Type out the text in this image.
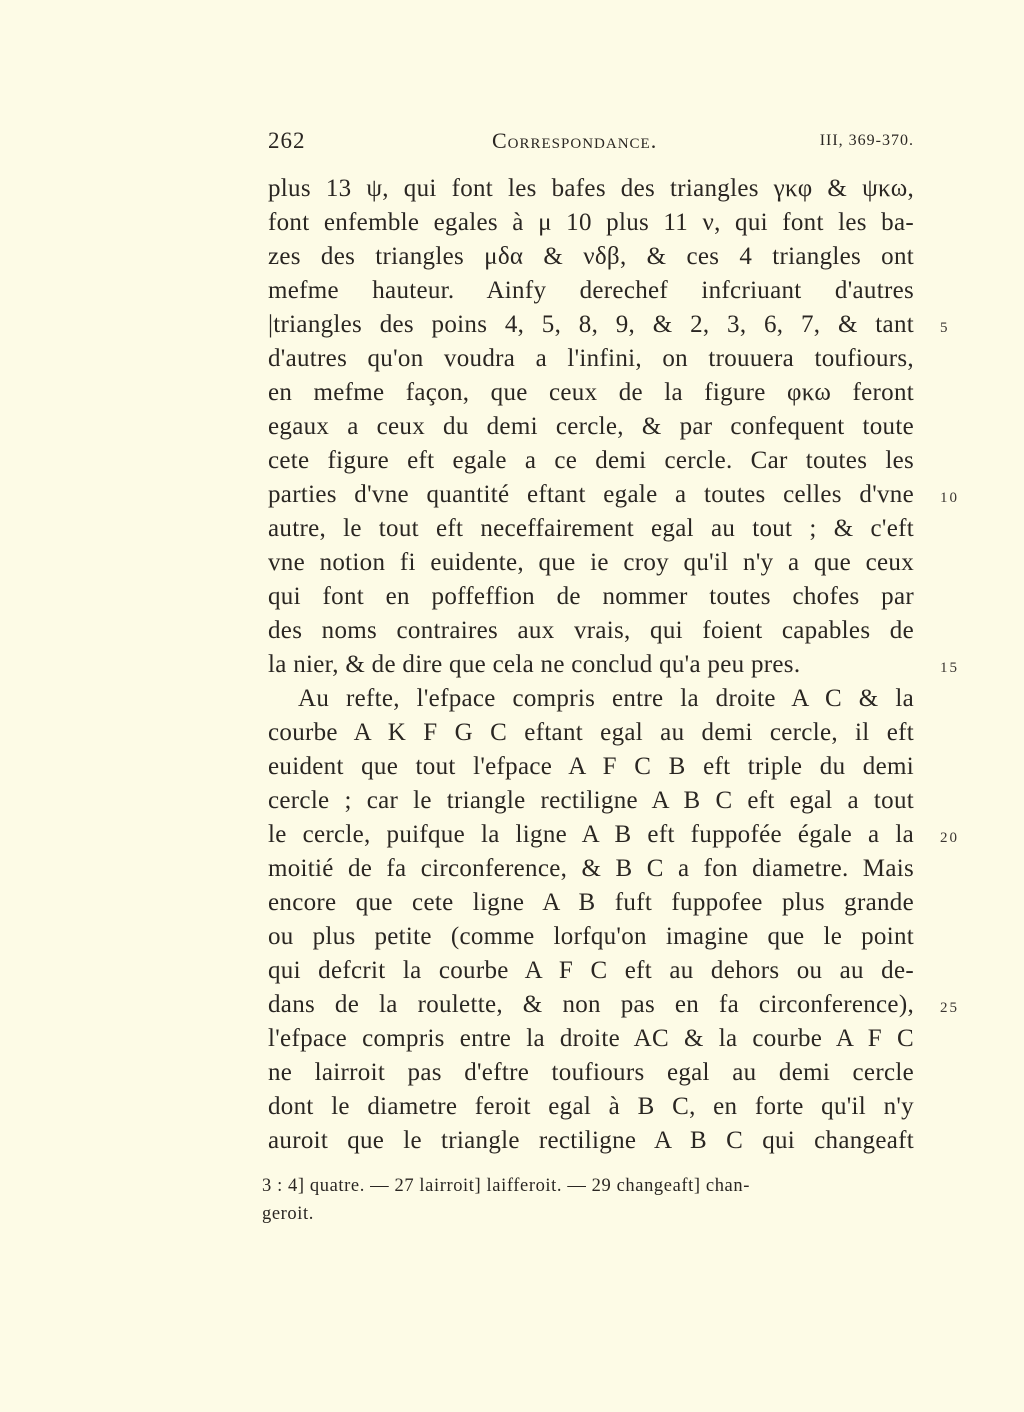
262	Correspondance.	III, 369-370.
plus 13 ψ, qui font les bafes des triangles γκφ & ψκω,
font enfemble egales à μ 10 plus 11 ν, qui font les ba-
zes des triangles μδα & νδβ, & ces 4 triangles ont
mefme hauteur. Ainfy derechef infcriuant d'autres
|triangles des poins 4, 5, 8, 9, & 2, 3, 6, 7, & tant
d'autres qu'on voudra a l'infini, on trouuera toufiours,
en mefme façon, que ceux de la figure φκω feront
egaux a ceux du demi cercle, & par confequent toute
cete figure eft egale a ce demi cercle. Car toutes les
parties d'vne quantité eftant egale a toutes celles d'vne
autre, le tout eft neceffairement egal au tout ; & c'eft
vne notion fi euidente, que ie croy qu'il n'y a que ceux
qui font en poffeffion de nommer toutes chofes par
des noms contraires aux vrais, qui foient capables de
la nier, & de dire que cela ne conclud qu'a peu pres.
Au refte, l'efpace compris entre la droite A C & la
courbe A K F G C eftant egal au demi cercle, il eft
euident que tout l'efpace A F C B eft triple du demi
cercle ; car le triangle rectiligne A B C eft egal a tout
le cercle, puifque la ligne A B eft fuppofée égale a la
moitié de fa circonference, & B C a fon diametre. Mais
encore que cete ligne A B fuft fuppofee plus grande
ou plus petite (comme lorfqu'on imagine que le point
qui defcrit la courbe A F C eft au dehors ou au de-
dans de la roulette, & non pas en fa circonference),
l'efpace compris entre la droite AC & la courbe A F C
ne lairroit pas d'eftre toufiours egal au demi cercle
dont le diametre feroit egal à B C, en forte qu'il n'y
auroit que le triangle rectiligne A B C qui changeaft
5
10
15
20
25
3 : 4] quatre. — 27 lairroit] laifferoit. — 29 changeaft] chan-
geroit.
